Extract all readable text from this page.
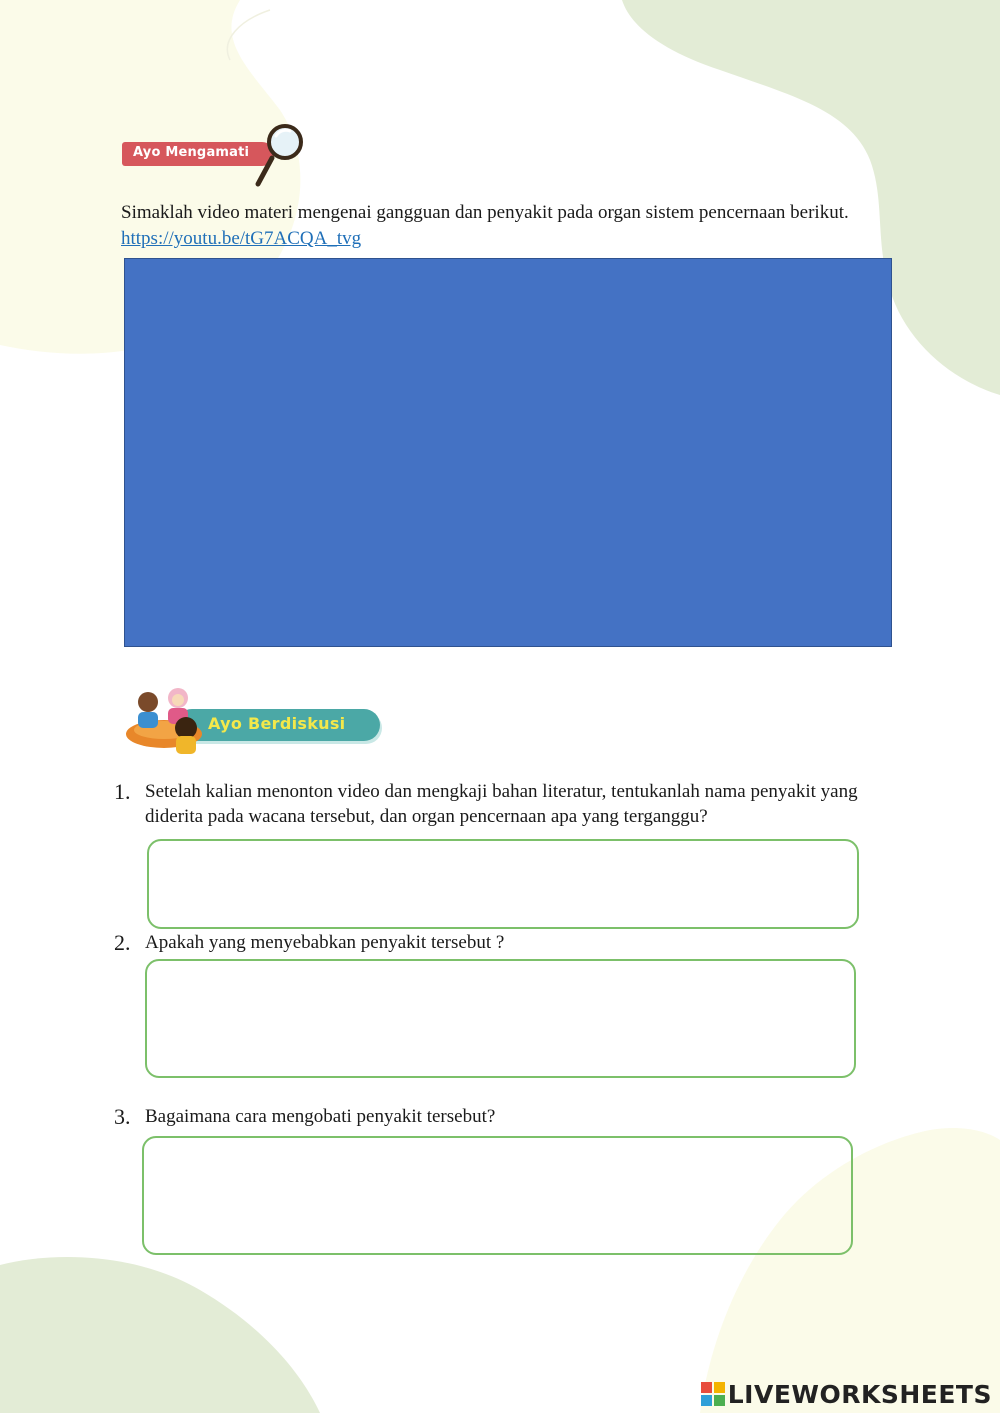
Ayo Mengamati
Simaklah video materi mengenai gangguan dan penyakit pada organ sistem pencernaan berikut. https://youtu.be/tG7ACQA_tvg
Ayo Berdiskusi
1. Setelah kalian menonton video dan mengkaji bahan literatur, tentukanlah nama penyakit yang diderita pada wacana tersebut, dan organ pencernaan apa yang terganggu?
2. Apakah yang menyebabkan penyakit tersebut ?
3. Bagaimana cara mengobati penyakit tersebut?
LIVEWORKSHEETS
